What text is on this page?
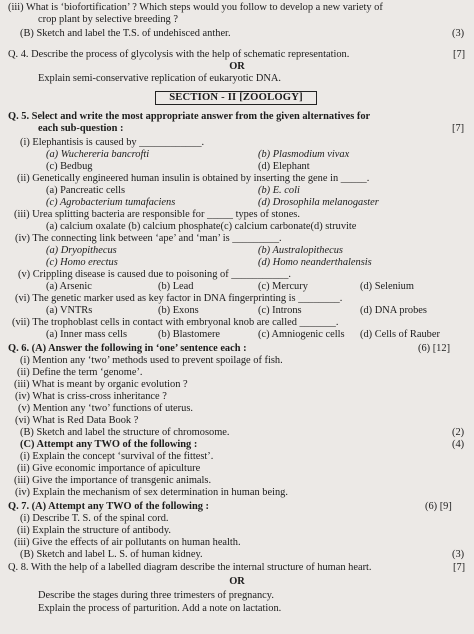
(iii) What is ‘biofortification’ ? Which steps would you follow to develop a new variety of
crop plant by selective breeding ?
(B) Sketch and label the T.S. of undehisced anther.	(3)
Q. 4. Describe the process of glycolysis with the help of schematic representation.	[7]
OR
Explain semi-conservative replication of eukaryotic DNA.
SECTION - II [ZOOLOGY]
Q. 5. Select and write the most appropriate answer from the given alternatives for
each sub-question :	[7]
(i) Elephantisis is caused by ____________.
(a) Wuchereria bancrofti	(b) Plasmodium vivax
(c) Bedbug	(d) Elephant
(ii) Genetically engineered human insulin is obtained by inserting the gene in _____.
(a) Pancreatic cells	(b) E. coli
(c) Agrobacterium tumafaciens	(d) Drosophila melanogaster
(iii) Urea splitting bacteria are responsible for _____ types of stones.
(a) calcium oxalate (b) calcium phosphate(c) calcium carbonate(d) struvite
(iv) The connecting link between ‘ape’ and ‘man’ is _________.
(a) Dryopithecus	(b) Australopithecus
(c) Homo erectus	(d) Homo neanderthalensis
(v) Crippling disease is caused due to poisoning of ___________.
(a) Arsenic	(b) Lead	(c) Mercury	(d) Selenium
(vi) The genetic marker used as key factor in DNA fingerprinting is ________.
(a) VNTRs	(b) Exons	(c) Introns	(d) DNA probes
(vii) The trophoblast cells in contact with embryonal knob are called _______.
(a) Inner mass cells	(b) Blastomere	(c) Amniogenic cells (d) Cells of Rauber
Q. 6. (A) Answer the following in ‘one’ sentence each :	(6) [12]
(i) Mention any ‘two’ methods used to prevent spoilage of fish.
(ii) Define the term ‘genome’.
(iii) What is meant by organic evolution ?
(iv) What is criss-cross inheritance ?
(v) Mention any ‘two’ functions of uterus.
(vi) What is Red Data Book ?
(B) Sketch and label the structure of chromosome.	(2)
(C) Attempt any TWO of the following :	(4)
(i) Explain the concept ‘survival of the fittest’.
(ii) Give economic importance of apiculture
(iii) Give the importance of transgenic animals.
(iv) Explain the mechanism of sex determination in human being.
Q. 7. (A) Attempt any TWO of the following :	(6) [9]
(i) Describe T. S. of the spinal cord.
(ii) Explain the structure of antibody.
(iii) Give the effects of air pollutants on human health.
(B) Sketch and label L. S. of human kidney.	(3)
Q. 8. With the help of a labelled diagram describe the internal structure of human heart.	[7]
OR
Describe the stages during three trimesters of pregnancy.
Explain the process of parturition. Add a note on lactation.
